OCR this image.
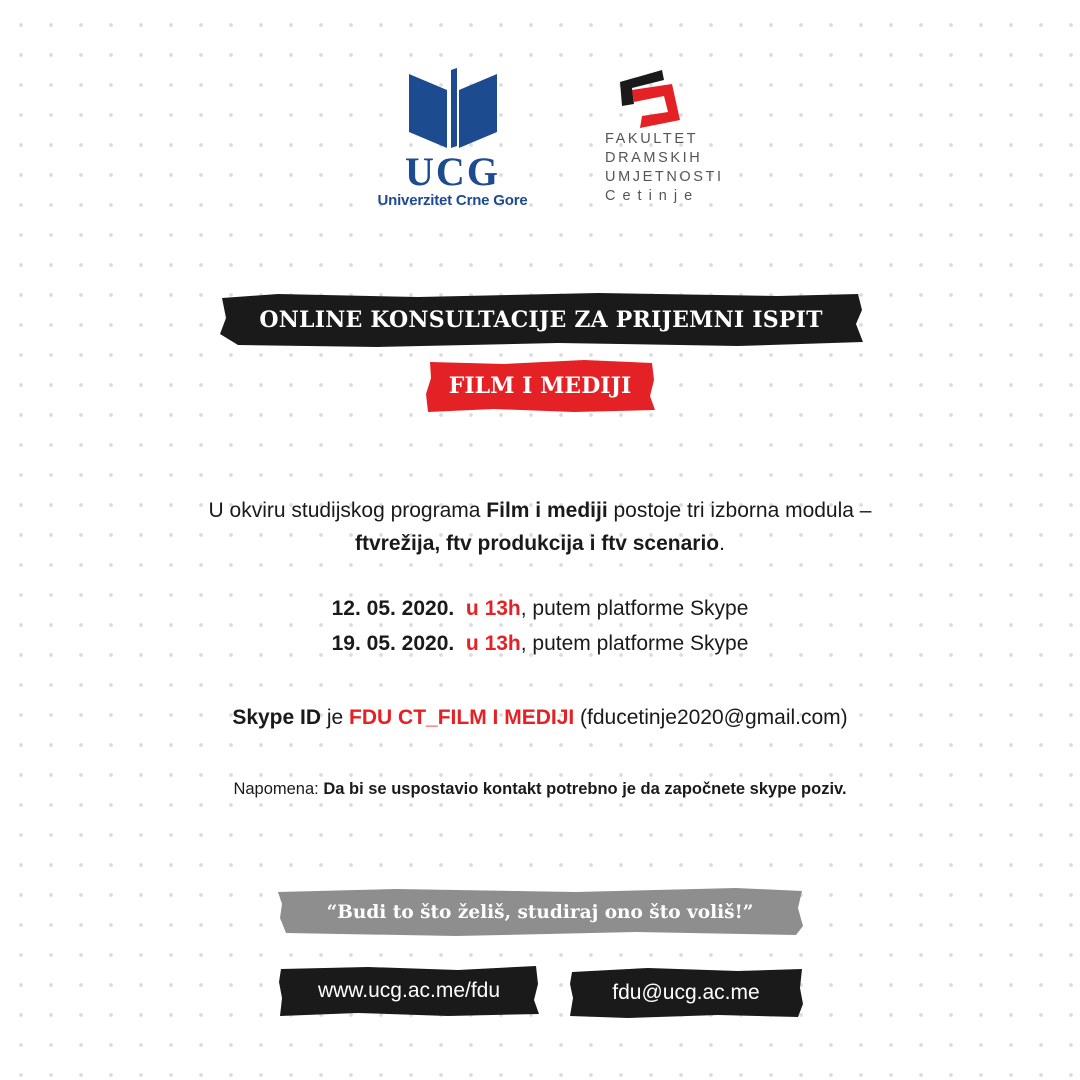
UCG
Univerzitet Crne Gore
FAKULTET
DRAMSKIH
UMJETNOSTI
Cetinje
ONLINE KONSULTACIJE ZA PRIJEMNI ISPIT
FILM I MEDIJI
U okviru studijskog programa Film i mediji postoje tri izborna modula –
ftvrežija, ftv produkcija i ftv scenario.
12. 05. 2020. u 13h, putem platforme Skype
19. 05. 2020. u 13h, putem platforme Skype
Skype ID je FDU CT_FILM I MEDIJI (fducetinje2020@gmail.com)
Napomena: Da bi se uspostavio kontakt potrebno je da započnete skype poziv.
“Budi to što želiš, studiraj ono što voliš!”
www.ucg.ac.me/fdu	fdu@ucg.ac.me
